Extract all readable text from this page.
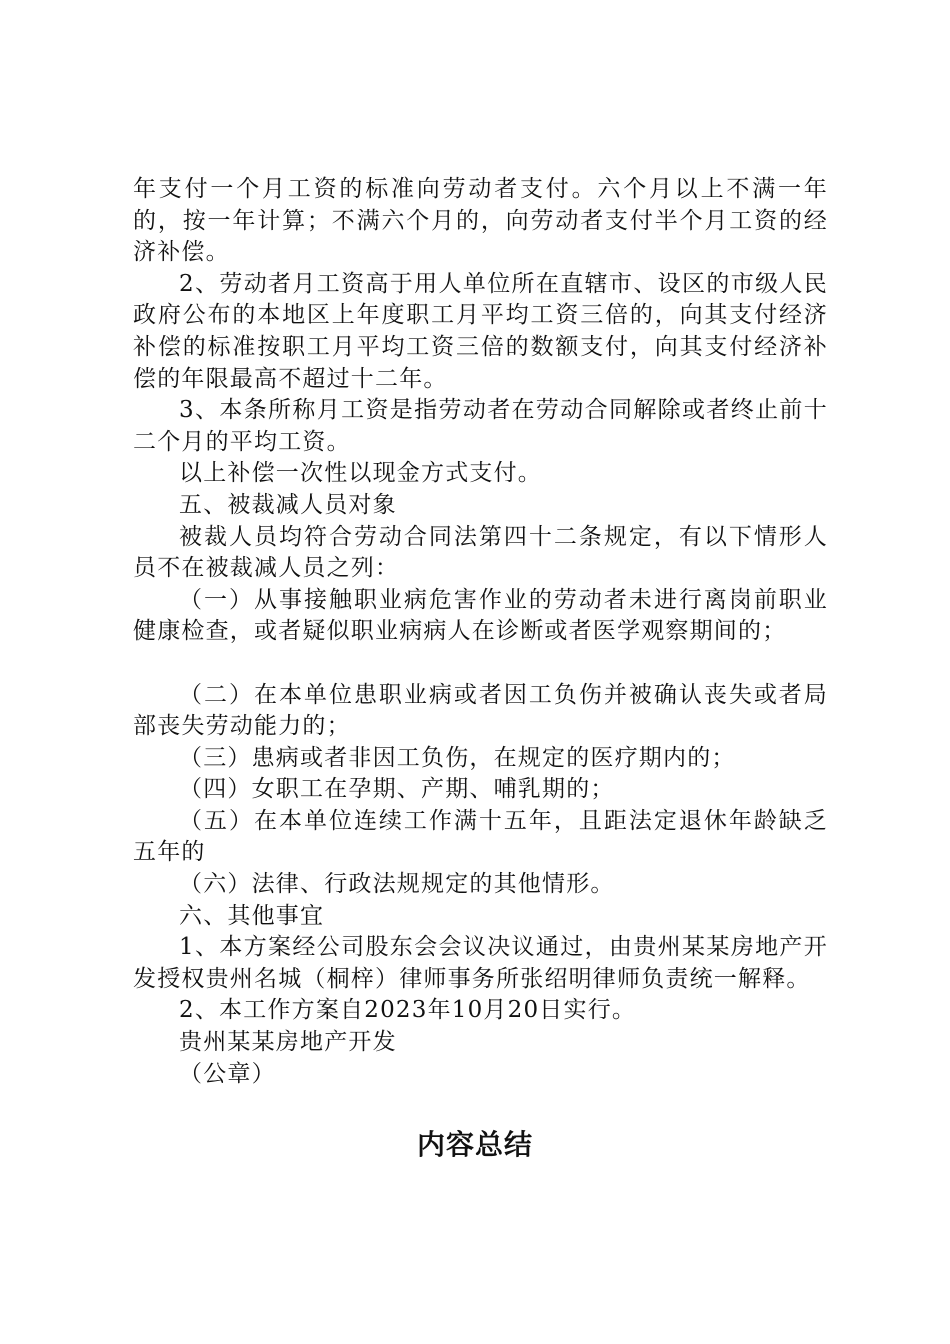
年支付一个月工资的标准向劳动者支付。六个月以上不满一年的，按一年计算；不满六个月的，向劳动者支付半个月工资的经济补偿。

2、劳动者月工资高于用人单位所在直辖市、设区的市级人民政府公布的本地区上年度职工月平均工资三倍的，向其支付经济补偿的标准按职工月平均工资三倍的数额支付，向其支付经济补偿的年限最高不超过十二年。

3、本条所称月工资是指劳动者在劳动合同解除或者终止前十二个月的平均工资。

以上补偿一次性以现金方式支付。

五、被裁减人员对象

被裁人员均符合劳动合同法第四十二条规定，有以下情形人员不在被裁减人员之列：

（一）从事接触职业病危害作业的劳动者未进行离岗前职业健康检查，或者疑似职业病病人在诊断或者医学观察期间的；

（二）在本单位患职业病或者因工负伤并被确认丧失或者局部丧失劳动能力的；

（三）患病或者非因工负伤，在规定的医疗期内的；

（四）女职工在孕期、产期、哺乳期的；

（五）在本单位连续工作满十五年，且距法定退休年龄缺乏五年的

（六）法律、行政法规规定的其他情形。

六、其他事宜

1、本方案经公司股东会会议决议通过，由贵州某某房地产开发授权贵州名城（桐梓）律师事务所张绍明律师负责统一解释。

2、本工作方案自2023年10月20日实行。

贵州某某房地产开发

（公章）

内容总结
